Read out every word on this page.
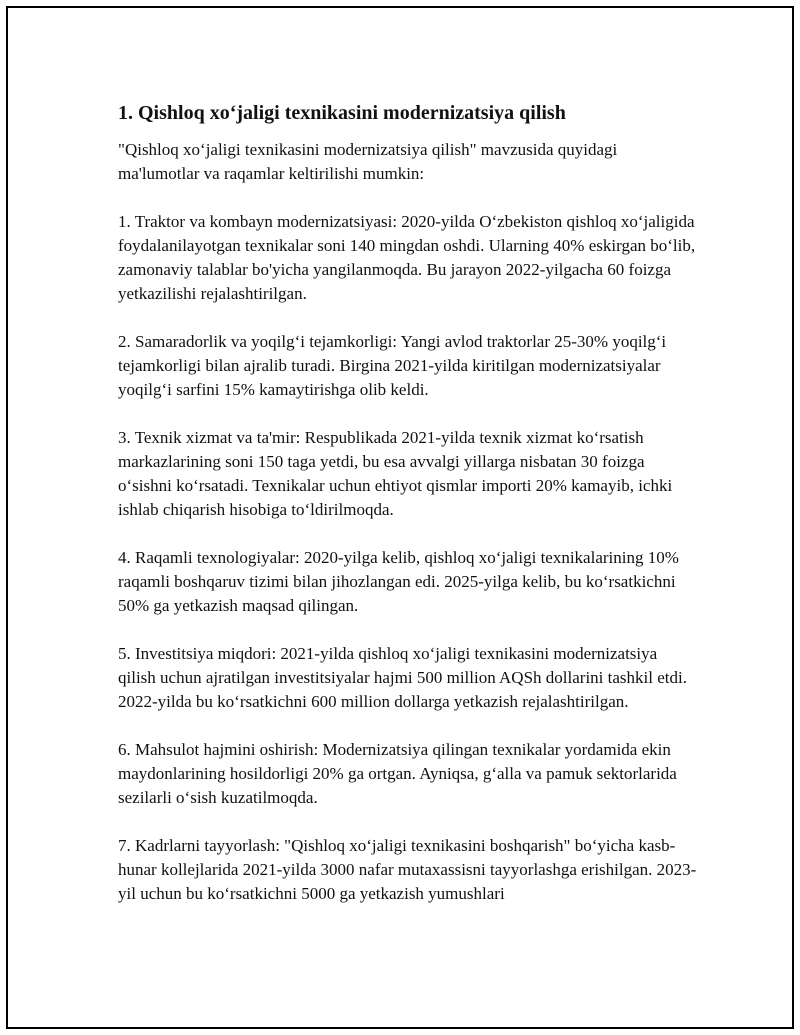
1. Qishloq xo‘jaligi texnikasini modernizatsiya qilish

"Qishloq xo‘jaligi texnikasini modernizatsiya qilish" mavzusida quyidagi ma'lumotlar va raqamlar keltirilishi mumkin:

1. Traktor va kombayn modernizatsiyasi: 2020-yilda O‘zbekiston qishloq xo‘jaligida foydalanilayotgan texnikalar soni 140 mingdan oshdi. Ularning 40% eskirgan bo‘lib, zamonaviy talablar bo'yicha yangilanmoqda. Bu jarayon 2022-yilgacha 60 foizga yetkazilishi rejalashtirilgan.

2. Samaradorlik va yoqilg‘i tejamkorligi: Yangi avlod traktorlar 25-30% yoqilg‘i tejamkorligi bilan ajralib turadi. Birgina 2021-yilda kiritilgan modernizatsiyalar yoqilg‘i sarfini 15% kamaytirishga olib keldi.

3. Texnik xizmat va ta'mir: Respublikada 2021-yilda texnik xizmat ko‘rsatish markazlarining soni 150 taga yetdi, bu esa avvalgi yillarga nisbatan 30 foizga o‘sishni ko‘rsatadi. Texnikalar uchun ehtiyot qismlar importi 20% kamayib, ichki ishlab chiqarish hisobiga to‘ldirilmoqda.

4. Raqamli texnologiyalar: 2020-yilga kelib, qishloq xo‘jaligi texnikalarining 10% raqamli boshqaruv tizimi bilan jihozlangan edi. 2025-yilga kelib, bu ko‘rsatkichni 50% ga yetkazish maqsad qilingan.

5. Investitsiya miqdori: 2021-yilda qishloq xo‘jaligi texnikasini modernizatsiya qilish uchun ajratilgan investitsiyalar hajmi 500 million AQSh dollarini tashkil etdi. 2022-yilda bu ko‘rsatkichni 600 million dollarga yetkazish rejalashtirilgan.

6. Mahsulot hajmini oshirish: Modernizatsiya qilingan texnikalar yordamida ekin maydonlarining hosildorligi 20% ga ortgan. Ayniqsa, g‘alla va pamuk sektorlarida sezilarli o‘sish kuzatilmoqda.

7. Kadrlarni tayyorlash: "Qishloq xo‘jaligi texnikasini boshqarish" bo‘yicha kasb-hunar kollejlarida 2021-yilda 3000 nafar mutaxassisni tayyorlashga erishilgan. 2023-yil uchun bu ko‘rsatkichni 5000 ga yetkazish yumushlari
